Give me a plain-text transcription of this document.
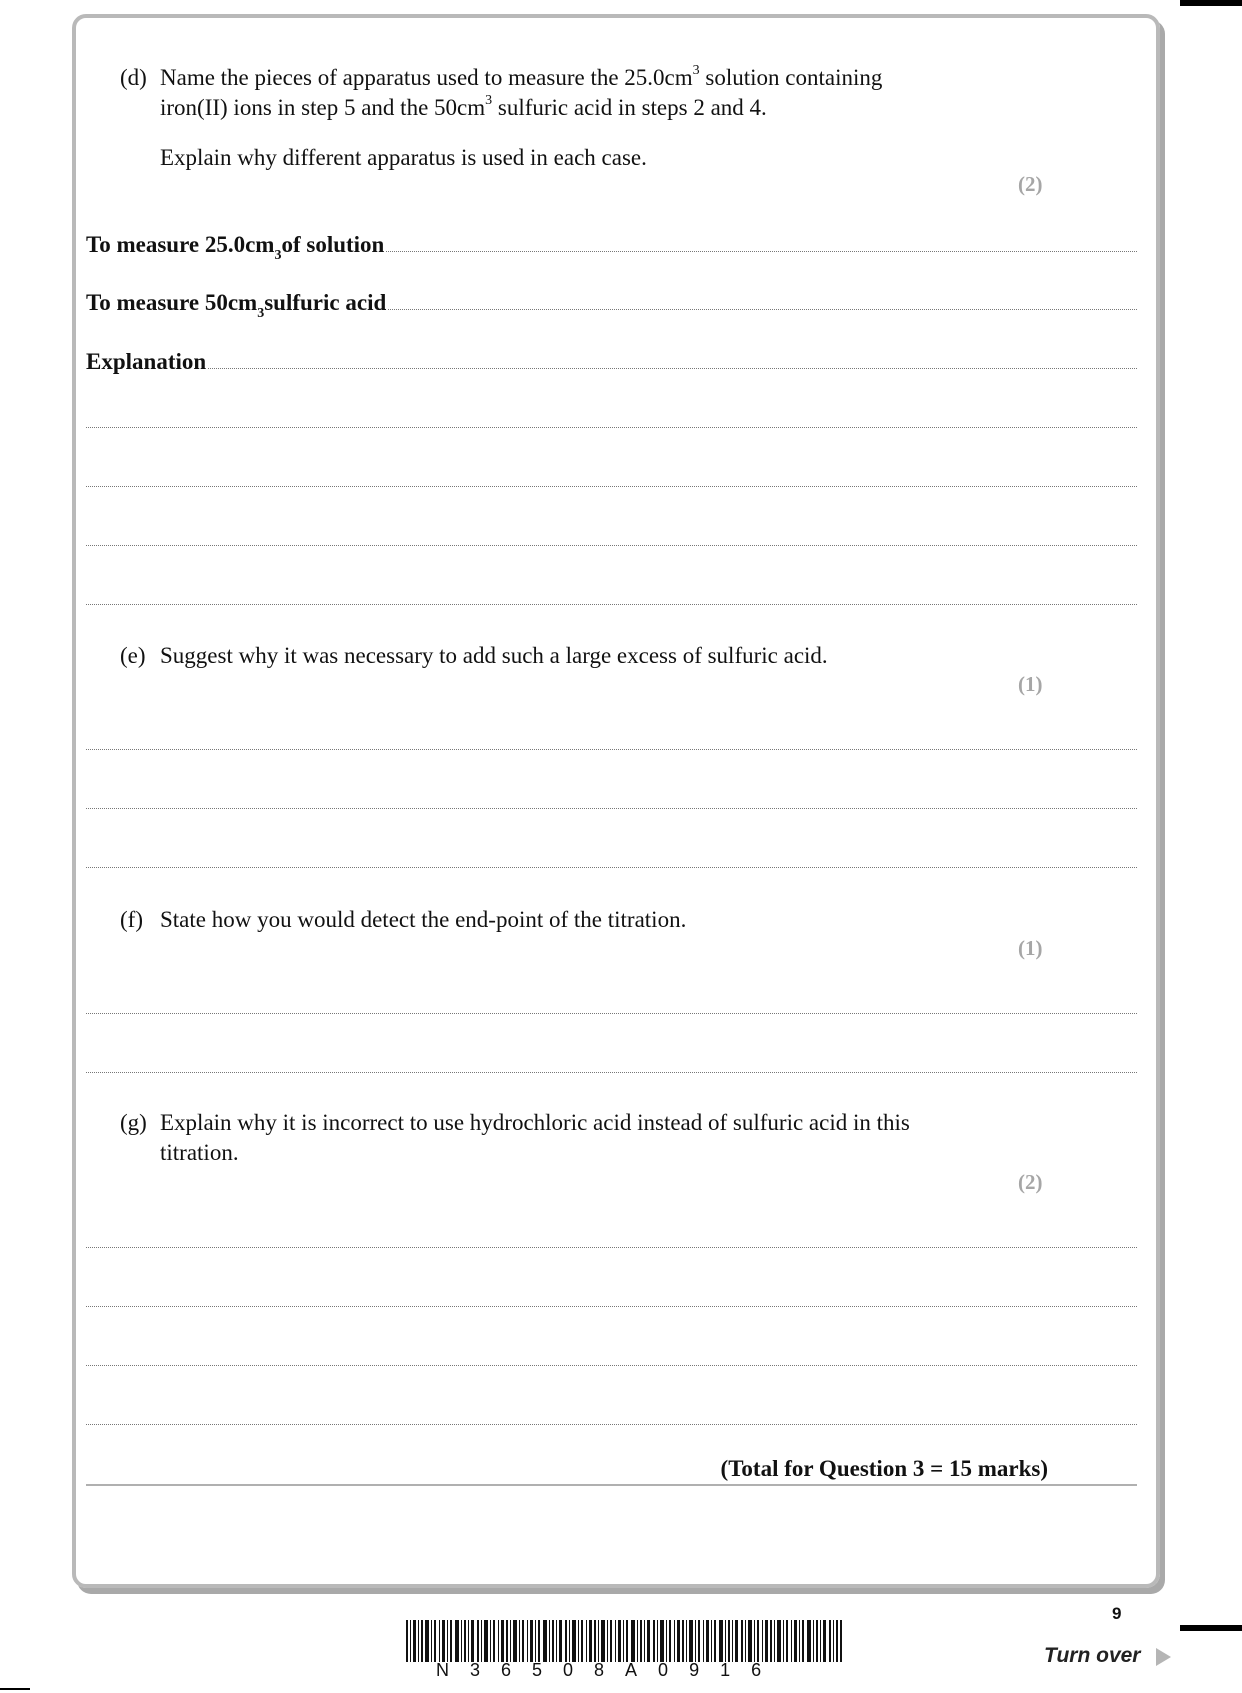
(d) Name the pieces of apparatus used to measure the $25.0cm^3$ solution containing
iron(II) ions in step 5 and the $50cm^3$ sulfuric acid in steps 2 and 4.
Explain why different apparatus is used in each case.
(2)
To measure $25.0cm^3$ of solution
To measure $50cm^3$ sulfuric acid
Explanation
(e) Suggest why it was necessary to add such a large excess of sulfuric acid.
(1)
(f) State how you would detect the end-point of the titration.
(1)
(g) Explain why it is incorrect to use hydrochloric acid instead of sulfuric acid in this
titration.
(2)
(Total for Question 3 = 15 marks)
N36508A0916
9
Turn over
